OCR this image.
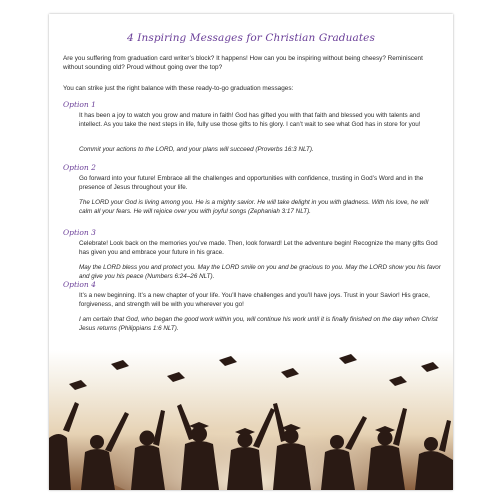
4 Inspiring Messages for Christian Graduates
Are you suffering from graduation card writer’s block? It happens! How can you be inspiring without being cheesy? Reminiscent without sounding old? Proud without going over the top?
You can strike just the right balance with these ready-to-go graduation messages:
Option 1
It has been a joy to watch you grow and mature in faith! God has gifted you with that faith and blessed you with talents and intellect. As you take the next steps in life, fully use those gifts to his glory. I can’t wait to see what God has in store for you!
Commit your actions to the LORD, and your plans will succeed (Proverbs 16:3 NLT).
Option 2
Go forward into your future! Embrace all the challenges and opportunities with confidence, trusting in God’s Word and in the presence of Jesus throughout your life.
The LORD your God is living among you. He is a mighty savior. He will take delight in you with gladness. With his love, he will calm all your fears. He will rejoice over you with joyful songs (Zephaniah 3:17 NLT).
Option 3
Celebrate! Look back on the memories you’ve made. Then, look forward! Let the adventure begin! Recognize the many gifts God has given you and embrace your future in his grace.
May the LORD bless you and protect you. May the LORD smile on you and be gracious to you. May the LORD show you his favor and give you his peace (Numbers 6:24–26 NLT).
Option 4
It’s a new beginning. It’s a new chapter of your life. You’ll have challenges and you’ll have joys. Trust in your Savior! His grace, forgiveness, and strength will be with you wherever you go!
I am certain that God, who began the good work within you, will continue his work until it is finally finished on the day when Christ Jesus returns (Philippians 1:6 NLT).
